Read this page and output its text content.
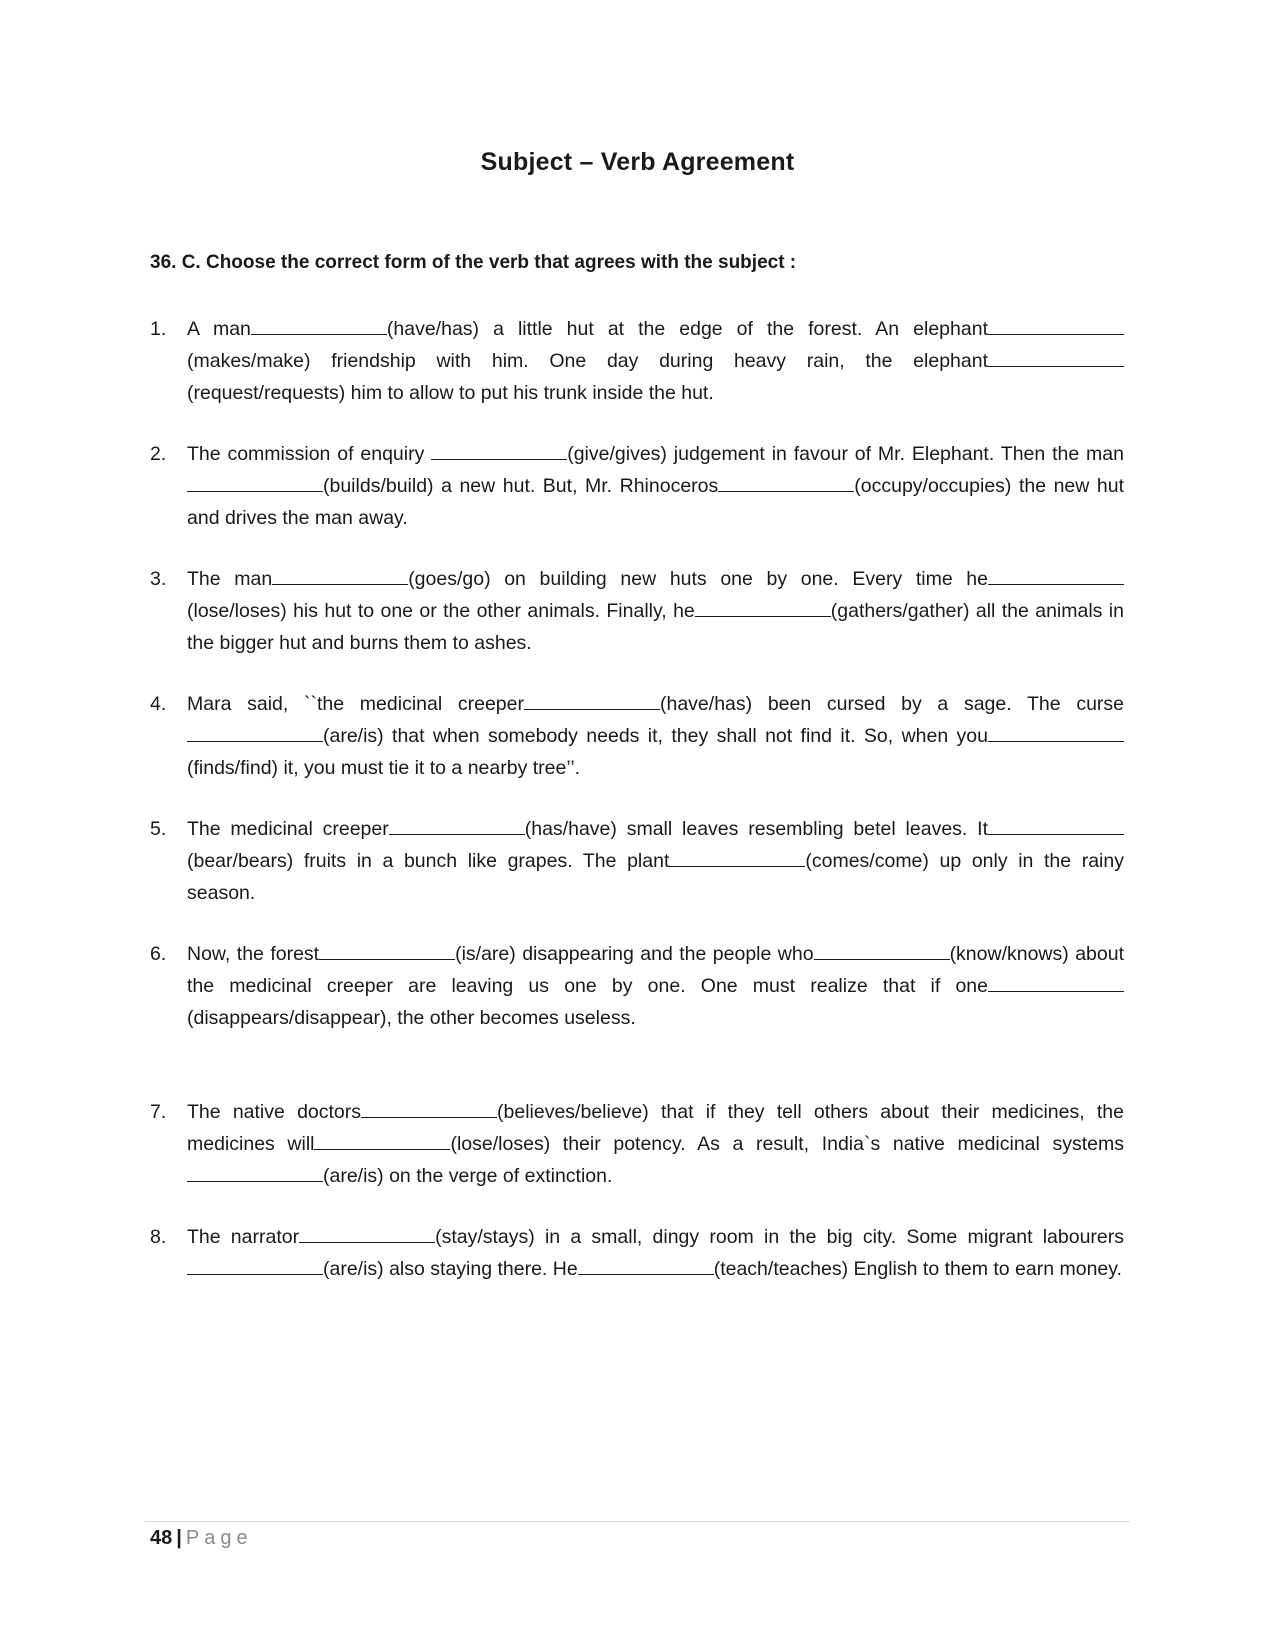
Subject – Verb Agreement
36. C. Choose the correct form of the verb that agrees with the subject :
1. A man	(have/has) a little hut at the edge of the forest. An elephant(makes/make) friendship with him. One day during heavy rain, the elephant(request/requests) him to allow to put his trunk inside the hut.
2. The commission of enquiry	(give/gives) judgement in favour of Mr. Elephant. Then the man(builds/build) a new hut. But, Mr. Rhinoceros	(occupy/occupies) the new hut and drives the man away.
3. The man	(goes/go) on building new huts one by one. Every time he(lose/loses) his hut to one or the other animals. Finally, he	(gathers/gather) all the animals in the bigger hut and burns them to ashes.
4. Mara said, ``the medicinal creeper	(have/has) been cursed by a sage. The curse(are/is) that when somebody needs it, they shall not find it. So, when you(finds/find) it, you must tie it to a nearby tree’’.
5. The medicinal creeper	(has/have) small leaves resembling betel leaves. It(bear/bears) fruits in a bunch like grapes. The plant	(comes/come) up only in the rainy season.
6. Now, the forest	(is/are) disappearing and the people who	(know/knows) about the medicinal creeper are leaving us one by one. One must realize that if one(disappears/disappear), the other becomes useless.
7. The native doctors	(believes/believe) that if they tell others about their medicines, the medicines will	(lose/loses) their potency. As a result, India`s native medicinal systems(are/is) on the verge of extinction.
8. The narrator	(stay/stays) in a small, dingy room in the big city. Some migrant labourers(are/is) also staying there. He	(teach/teaches) English to them to earn money.
48 | Page
